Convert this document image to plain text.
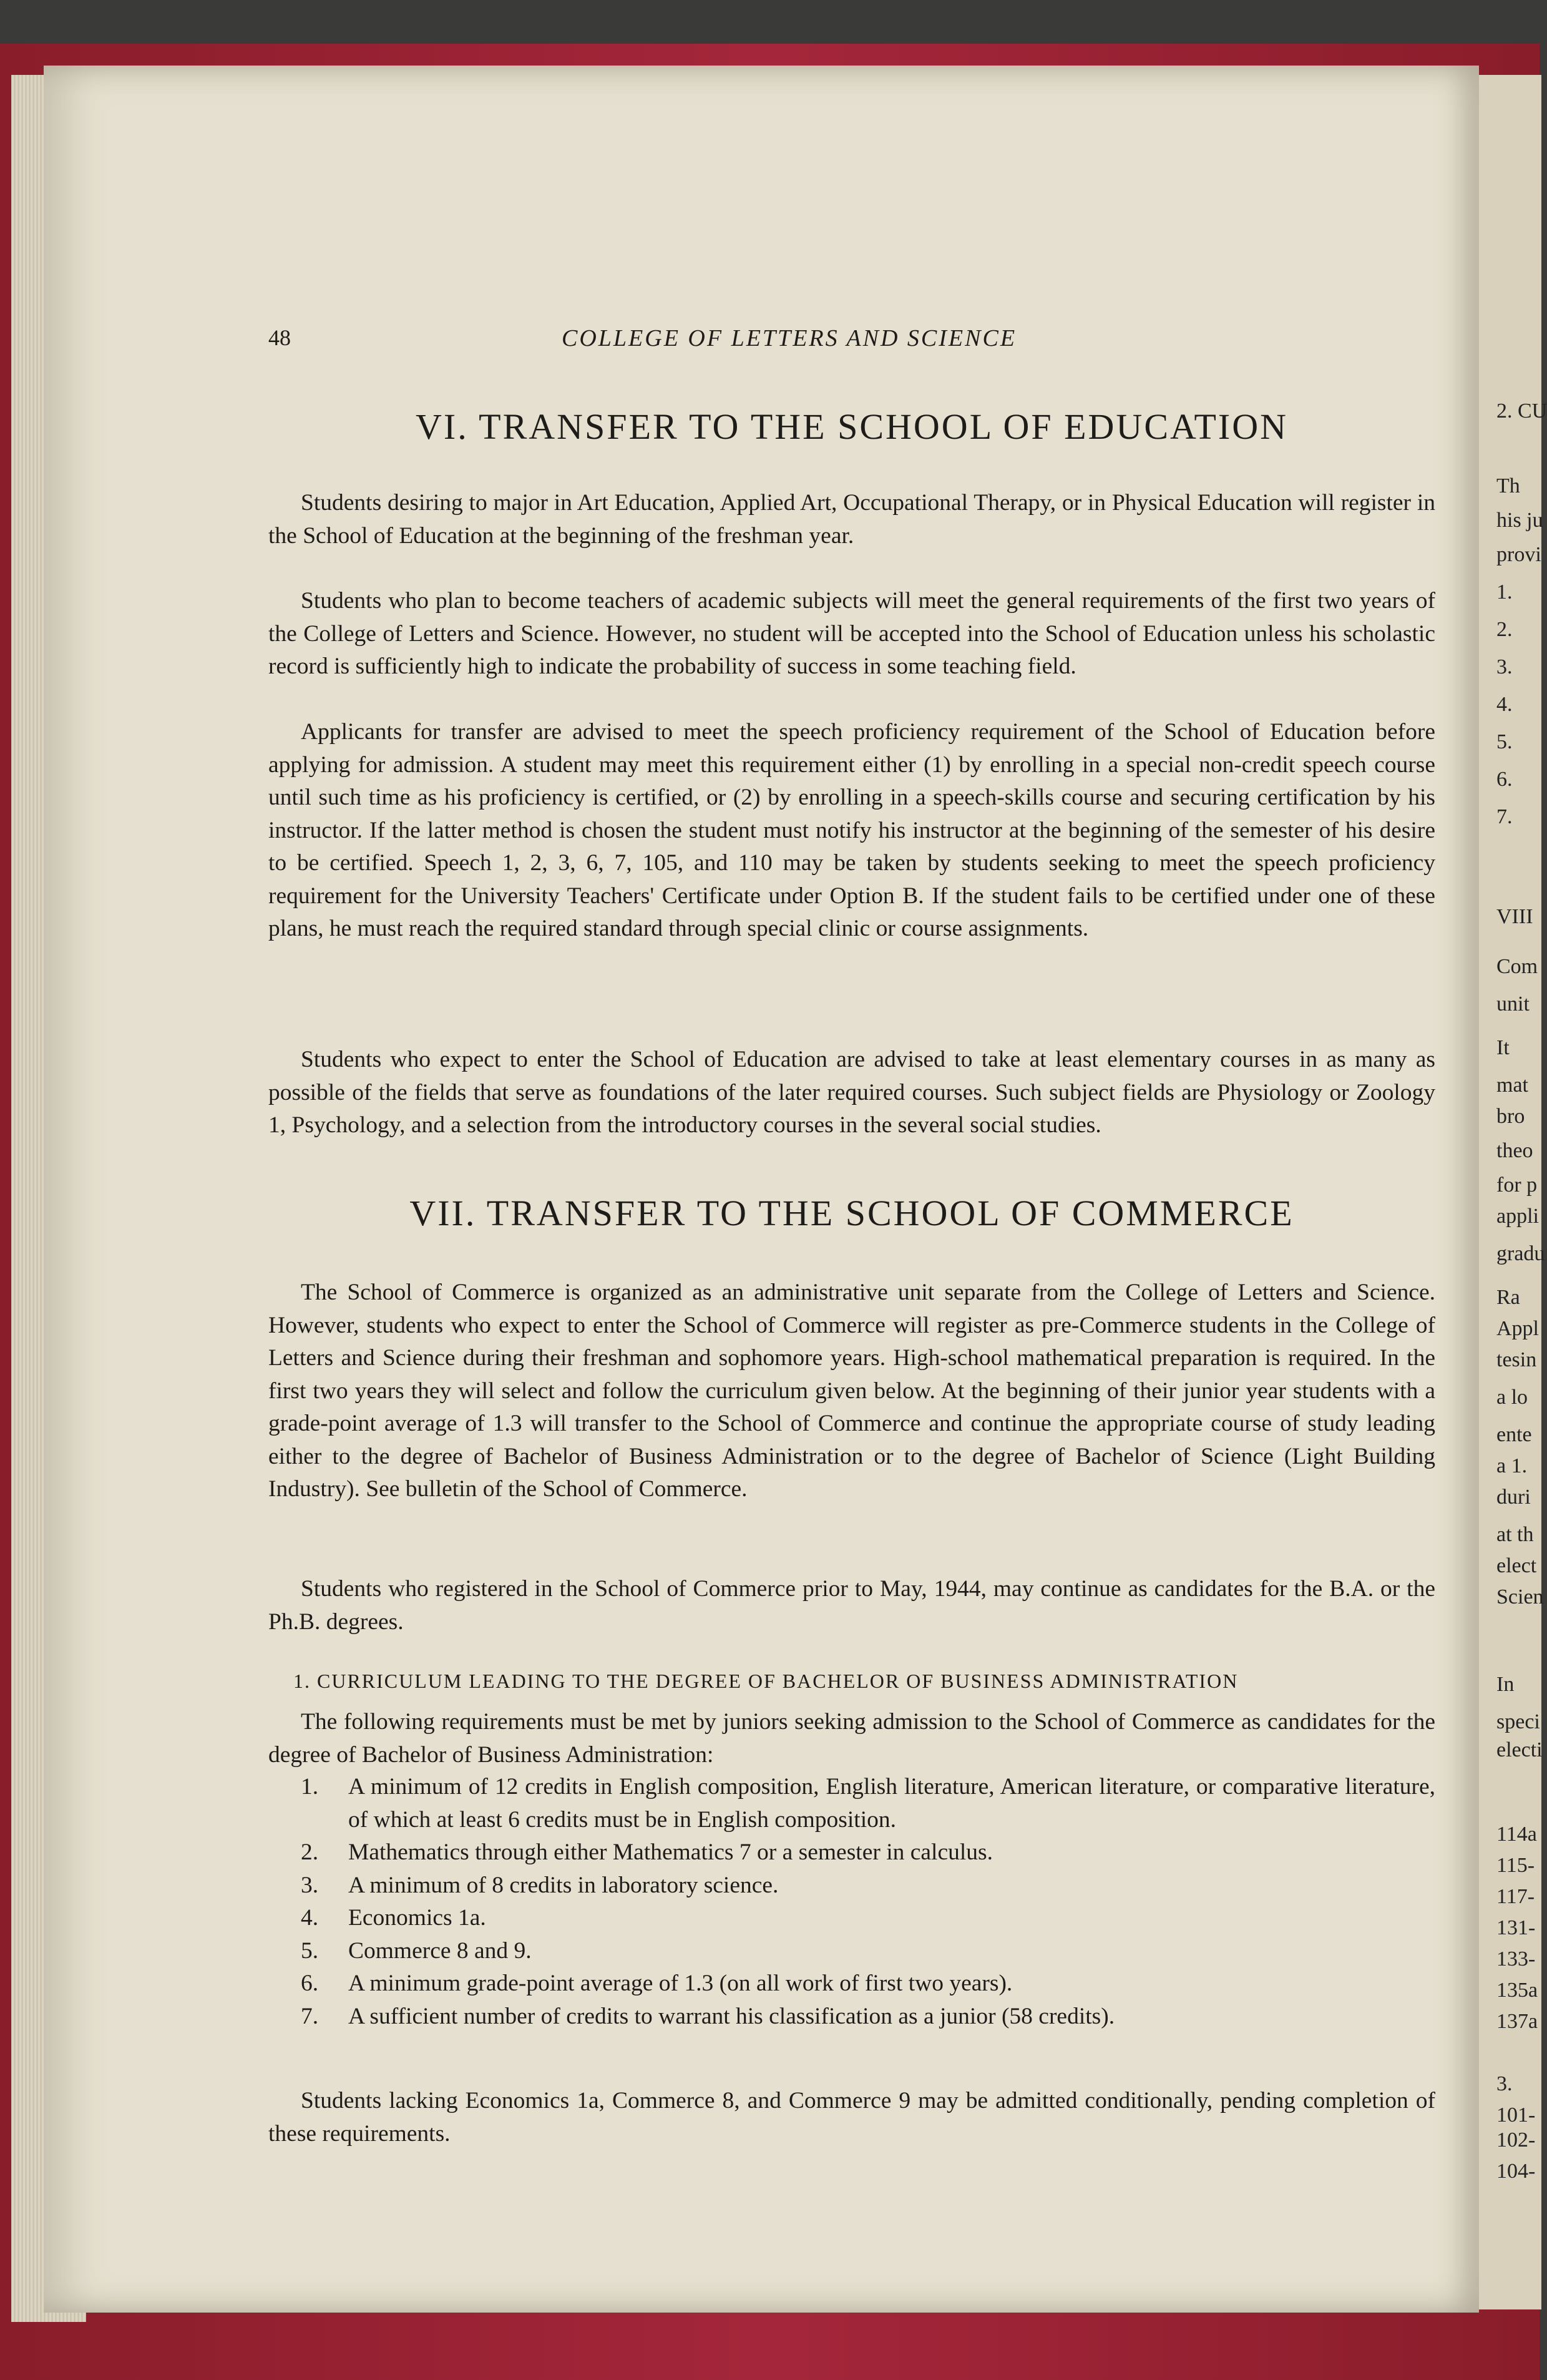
2. CU
Th
his ju
provi
1.
2.
3.
4.
5.
6.
7.
VIII
Com
unit
It
mat
bro
theo
for p
appli
gradu
Ra
Appl
tesin
a lo
ente
a 1.
duri
at th
elect
Scien
In
speci
electi
114a
115-
117-
131-
133-
135a
137a
3.
101-
102-
104-
48	COLLEGE OF LETTERS AND SCIENCE
VI. TRANSFER TO THE SCHOOL OF EDUCATION

Students desiring to major in Art Education, Applied Art, Occupational Therapy, or in Physical Education will register in the School of Education at the beginning of the freshman year.

Students who plan to become teachers of academic subjects will meet the general requirements of the first two years of the College of Letters and Science. However, no student will be accepted into the School of Education unless his scholastic record is sufficiently high to indicate the probability of success in some teaching field.

Applicants for transfer are advised to meet the speech proficiency requirement of the School of Education before applying for admission. A student may meet this requirement either (1) by enrolling in a special non-credit speech course until such time as his proficiency is certified, or (2) by enrolling in a speech-skills course and securing certification by his instructor. If the latter method is chosen the student must notify his instructor at the beginning of the semester of his desire to be certified. Speech 1, 2, 3, 6, 7, 105, and 110 may be taken by students seeking to meet the speech proficiency requirement for the University Teachers' Certificate under Option B. If the student fails to be certified under one of these plans, he must reach the required standard through special clinic or course assignments.

Students who expect to enter the School of Education are advised to take at least elementary courses in as many as possible of the fields that serve as foundations of the later required courses. Such subject fields are Physiology or Zoology 1, Psychology, and a selection from the introductory courses in the several social studies.

VII. TRANSFER TO THE SCHOOL OF COMMERCE

The School of Commerce is organized as an administrative unit separate from the College of Letters and Science. However, students who expect to enter the School of Commerce will register as pre-Commerce students in the College of Letters and Science during their freshman and sophomore years. High-school mathematical preparation is required. In the first two years they will select and follow the curriculum given below. At the beginning of their junior year students with a grade-point average of 1.3 will transfer to the School of Commerce and continue the appropriate course of study leading either to the degree of Bachelor of Business Administration or to the degree of Bachelor of Science (Light Building Industry). See bulletin of the School of Commerce.

Students who registered in the School of Commerce prior to May, 1944, may continue as candidates for the B.A. or the Ph.B. degrees.

1. CURRICULUM LEADING TO THE DEGREE OF BACHELOR OF BUSINESS ADMINISTRATION

The following requirements must be met by juniors seeking admission to the School of Commerce as candidates for the degree of Bachelor of Business Administration:

1. A minimum of 12 credits in English composition, English literature, American literature, or comparative literature, of which at least 6 credits must be in English composition.
2. Mathematics through either Mathematics 7 or a semester in calculus.
3. A minimum of 8 credits in laboratory science.
4. Economics 1a.
5. Commerce 8 and 9.
6. A minimum grade-point average of 1.3 (on all work of first two years).
7. A sufficient number of credits to warrant his classification as a junior (58 credits).

Students lacking Economics 1a, Commerce 8, and Commerce 9 may be admitted conditionally, pending completion of these requirements.
